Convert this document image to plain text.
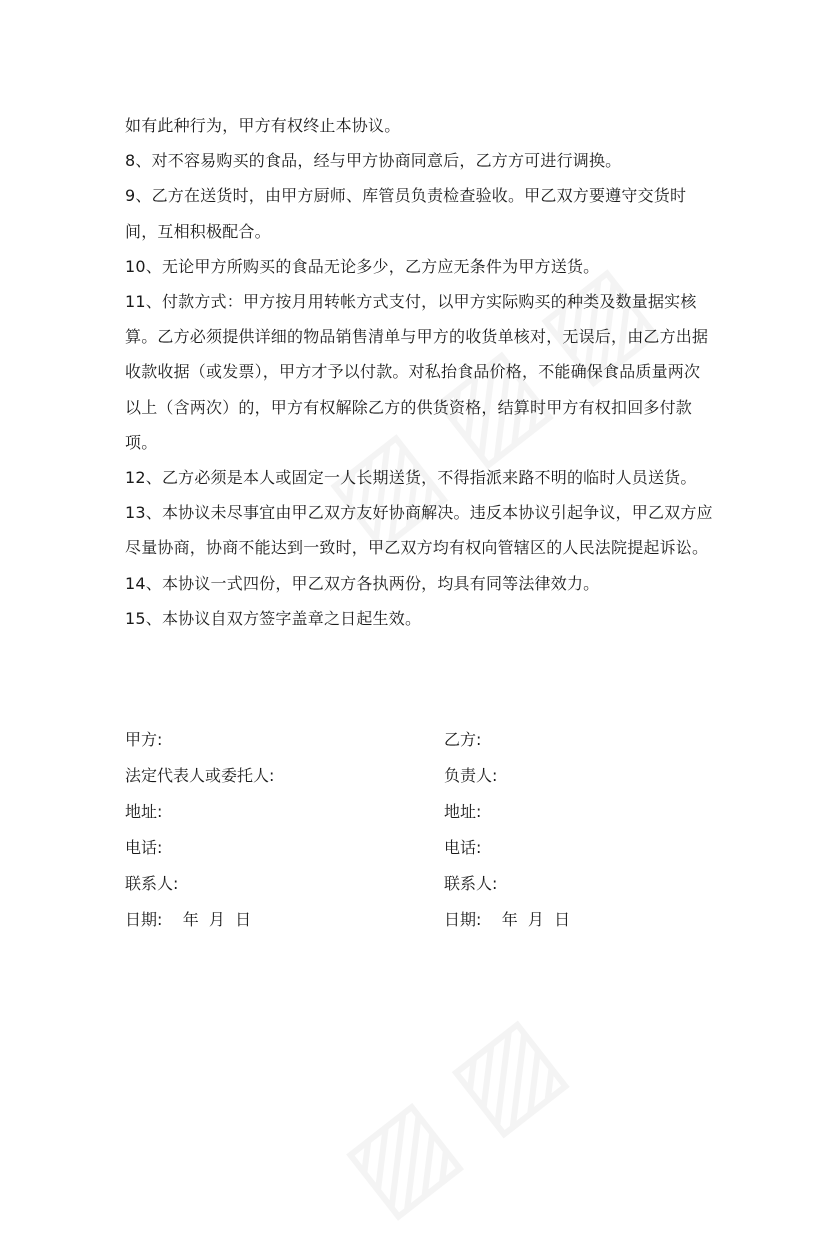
如有此种行为，甲方有权终止本协议。

8、对不容易购买的食品，经与甲方协商同意后，乙方方可进行调换。

9、乙方在送货时，由甲方厨师、库管员负责检查验收。甲乙双方要遵守交货时间，互相积极配合。

10、无论甲方所购买的食品无论多少，乙方应无条件为甲方送货。

11、付款方式：甲方按月用转帐方式支付，以甲方实际购买的种类及数量据实核算。乙方必须提供详细的物品销售清单与甲方的收货单核对，无误后，由乙方出据收款收据（或发票），甲方才予以付款。对私抬食品价格，不能确保食品质量两次以上（含两次）的，甲方有权解除乙方的供货资格，结算时甲方有权扣回多付款项。

12、乙方必须是本人或固定一人长期送货，不得指派来路不明的临时人员送货。

13、本协议未尽事宜由甲乙双方友好协商解决。违反本协议引起争议，甲乙双方应尽量协商，协商不能达到一致时，甲乙双方均有权向管辖区的人民法院提起诉讼。

14、本协议一式四份，甲乙双方各执两份，均具有同等法律效力。

15、本协议自双方签字盖章之日起生效。

甲方:
法定代表人或委托人:
地址:
电话:
联系人:
日期:    年  月  日
乙方:
负责人:
地址:
电话:
联系人:
日期:    年  月  日
